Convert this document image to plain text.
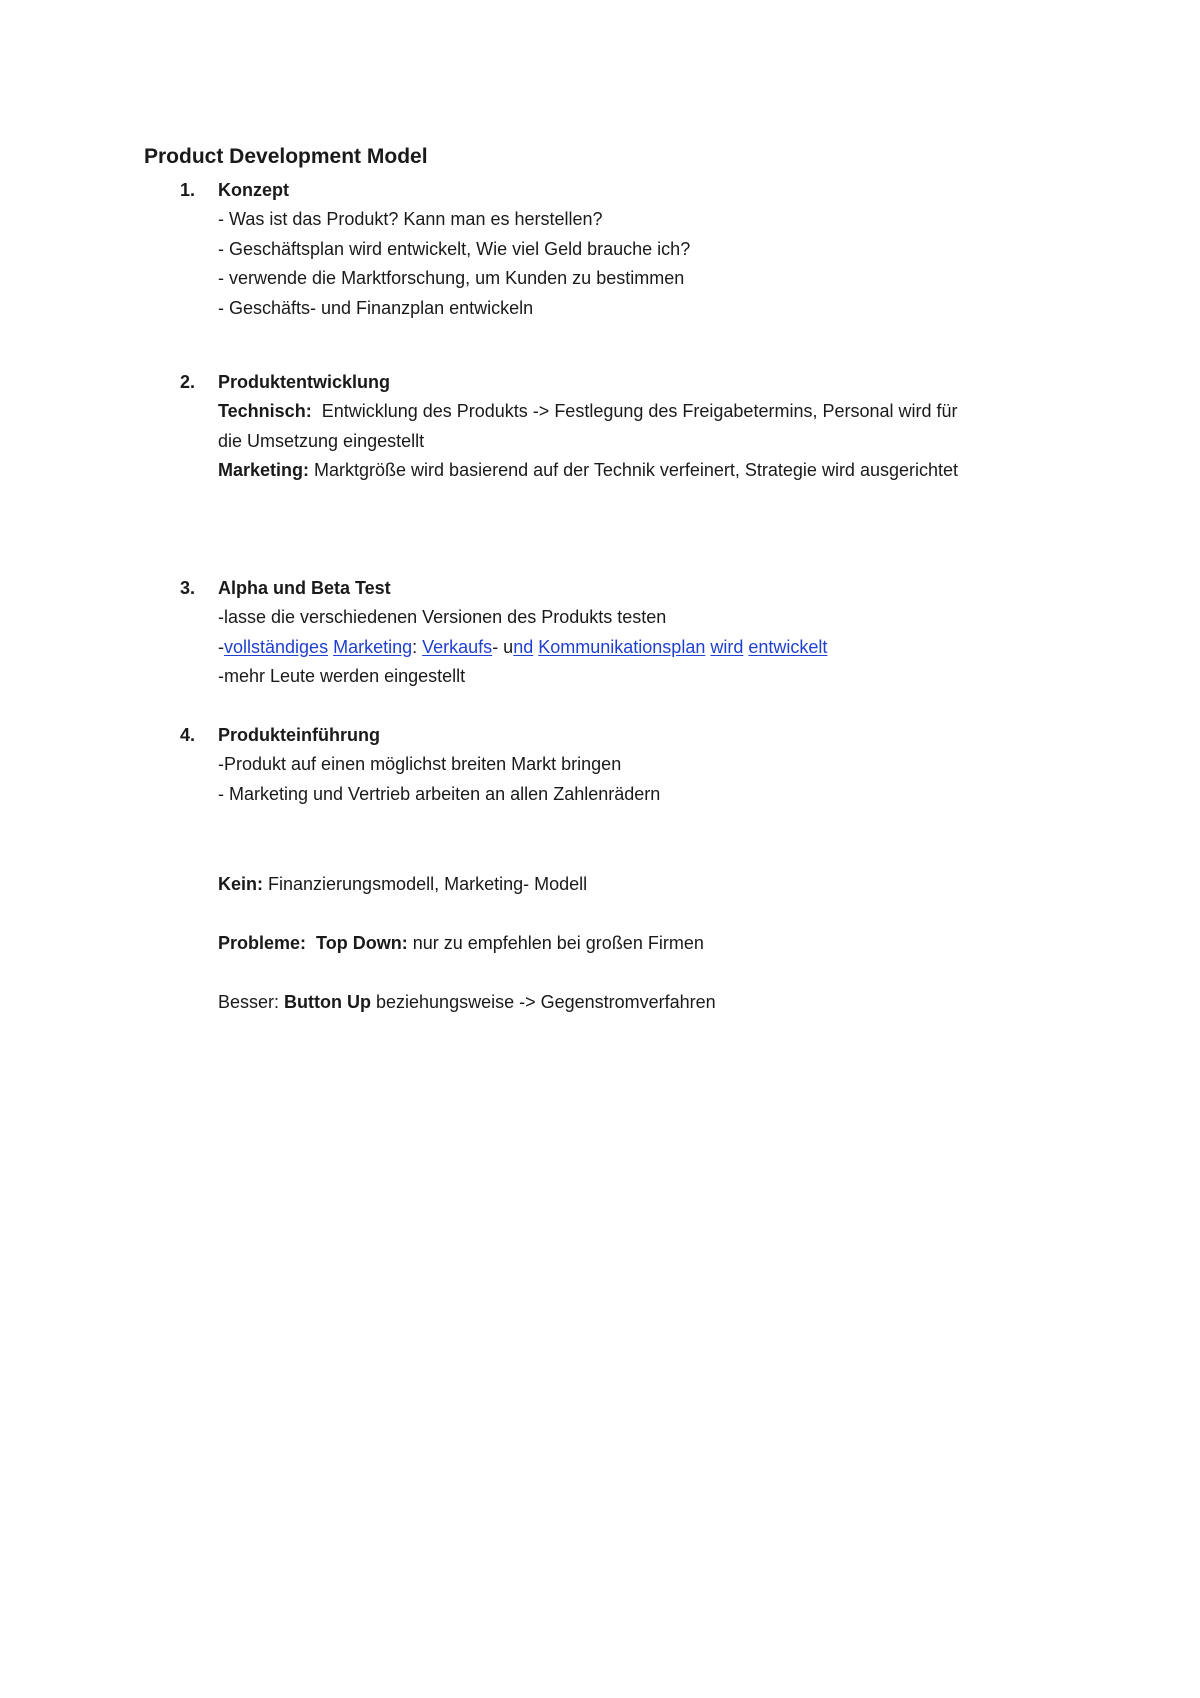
Product Development Model
1. Konzept
- Was ist das Produkt? Kann man es herstellen?
- Geschäftsplan wird entwickelt, Wie viel Geld brauche ich?
- verwende die Marktforschung, um Kunden zu bestimmen
- Geschäfts- und Finanzplan entwickeln
2. Produktentwicklung
Technisch: Entwicklung des Produkts -> Festlegung des Freigabetermins, Personal wird für die Umsetzung eingestellt
Marketing: Marktgröße wird basierend auf der Technik verfeinert, Strategie wird ausgerichtet
3. Alpha und Beta Test
-lasse die verschiedenen Versionen des Produkts testen
-vollständiges Marketing: Verkaufs- und Kommunikationsplan wird entwickelt
-mehr Leute werden eingestellt
4. Produkteinführung
-Produkt auf einen möglichst breiten Markt bringen
- Marketing und Vertrieb arbeiten an allen Zahlenrädern
Kein: Finanzierungsmodell, Marketing- Modell
Probleme: Top Down: nur zu empfehlen bei großen Firmen
Besser: Button Up beziehungsweise -> Gegenstromverfahren
